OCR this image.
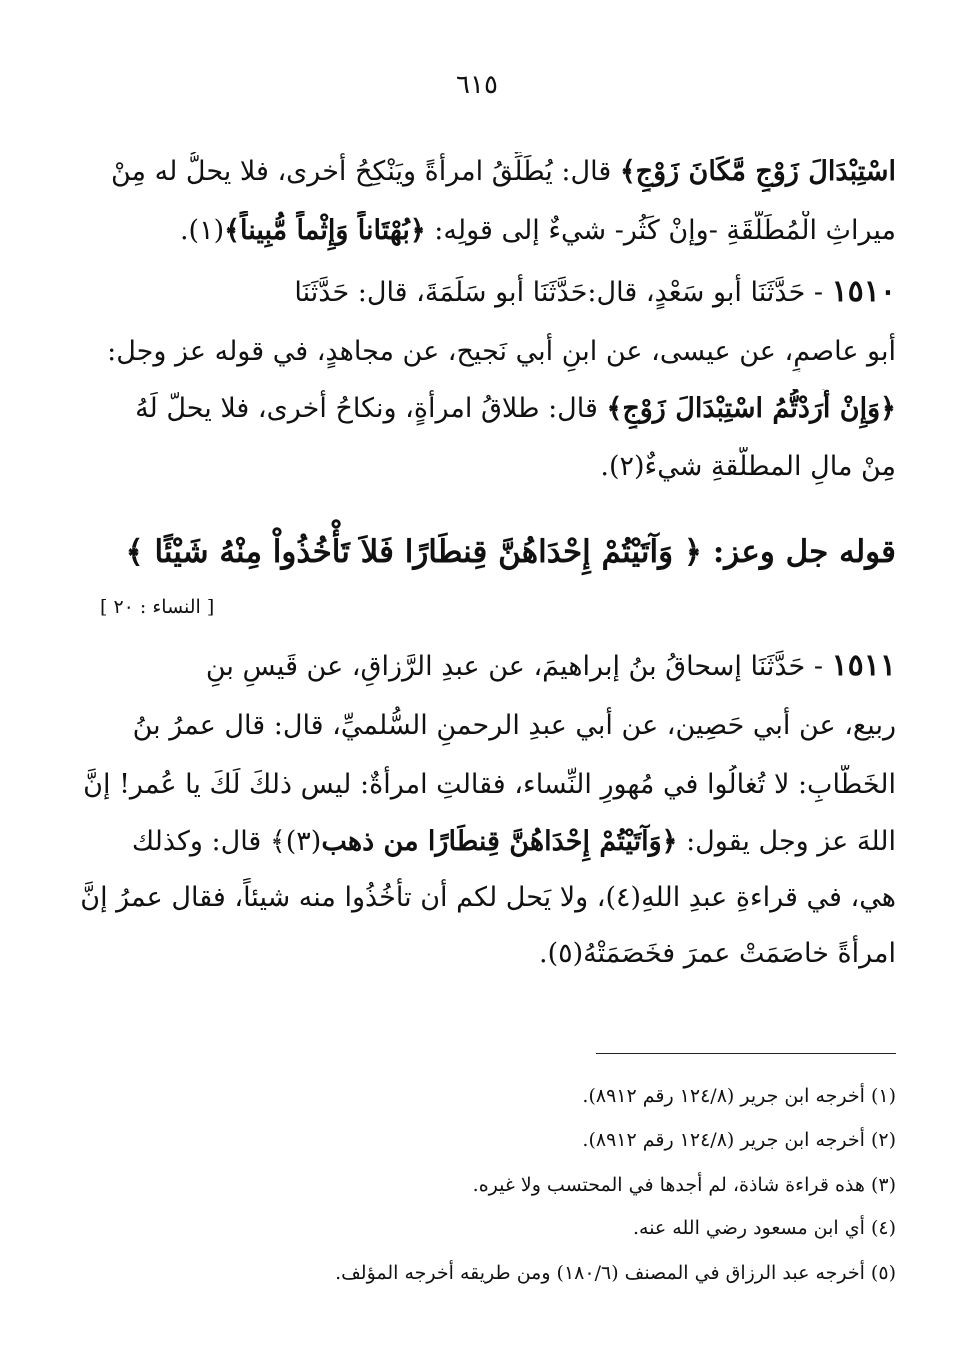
٦١٥
اسْتِبْدَالَ زَوْجٍ مَّكَانَ زَوْجٍ﴾ قال: يُطَلِّقُ امرأةً ويَنْكِحُ أُخرى، فلا يحلُّ له مِنْ
ميراثِ الْمُطَلَّقَةِ -وإنْ كَثُر- شيءٌ إلى قولِه: ﴿بُهْتَاناً وَإِثْماً مُّبِيناً﴾(١).
١٥١٠ - حَدَّثَنَا أبو سَعْدٍ، قال:حَدَّثَنَا أبو سَلَمَةَ، قال: حَدَّثَنَا
أبو عاصمٍ، عن عيسى، عن ابنِ أبي نَجيح، عن مجاهدٍ، في قوله عز وجل:
﴿وَإِنْ أَرَدْتُّمُ اسْتِبْدَالَ زَوْجٍ﴾ قال: طلاقُ امرأةٍ، ونكاحُ أخرى، فلا يحلّ لَهُ
مِنْ مالِ المطلَّقةِ شيءٌ(٢).
قوله جل وعز: ﴿ وَآتَيْتُمْ إِحْدَاهُنَّ قِنطَارًا فَلاَ تَأْخُذُواْ مِنْهُ شَيْئًا ﴾
[ النساء : ٢٠ ]
١٥١١ - حَدَّثَنَا إسحاقُ بنُ إبراهيمَ، عن عبدِ الرَّزاقِ، عن قَيسِ بنِ
ربيع، عن أبي حَصِين، عن أبي عبدِ الرحمنِ السُّلميِّ، قال: قال عمرُ بنُ
الخَطَّابِ: لا تُغالُوا في مُهورِ النِّساء، فقالتِ امرأةٌ: ليس ذلكَ لَكَ يا عُمر! إنَّ
اللهَ عز وجل يقول: ﴿وَآتَيْتُمْ إِحْدَاهُنَّ قِنطَارًا من ذهب(٣)﴾ قال: وكذلك
هي، في قراءةِ عبدِ اللهِ(٤)، ولا يَحل لكم أن تأخُذُوا منه شيئاً، فقال عمرُ إنَّ
امرأةً خاصَمَتْ عمرَ فخَصَمَتْهُ(٥).
(١) أخرجه ابن جرير (١٢٤/٨ رقم ٨٩١٢).
(٢) أخرجه ابن جرير (١٢٤/٨ رقم ٨٩١٢).
(٣) هذه قراءة شاذة، لم أجدها في المحتسب ولا غيره.
(٤) أي ابن مسعود رضي الله عنه.
(٥) أخرجه عبد الرزاق في المصنف (١٨٠/٦) ومن طريقه أخرجه المؤلف.
